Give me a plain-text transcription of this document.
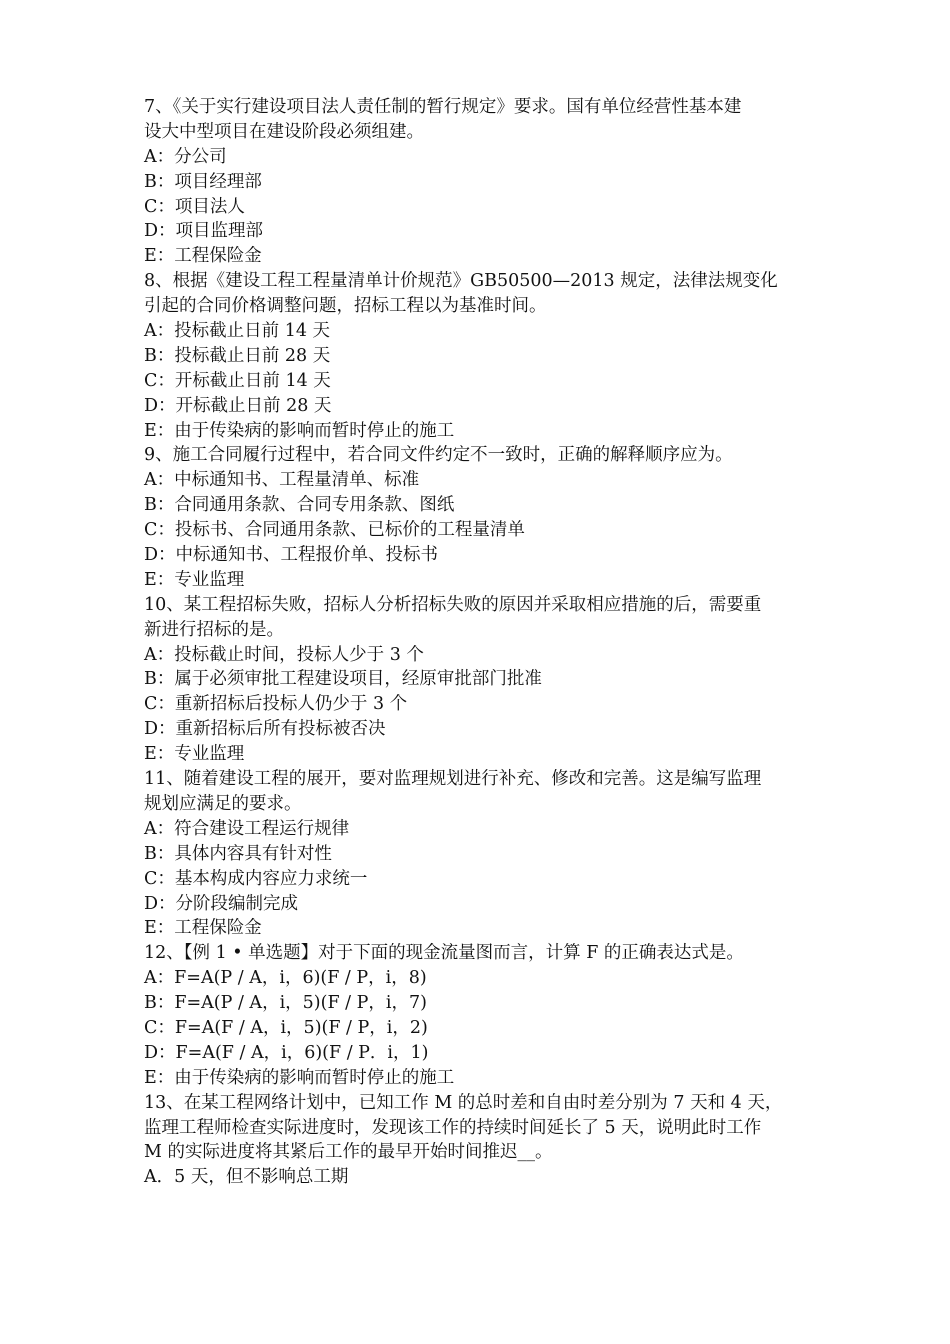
7、《关于实行建设项目法人责任制的暂行规定》要求。国有单位经营性基本建
设大中型项目在建设阶段必须组建。
A：分公司
B：项目经理部
C：项目法人
D：项目监理部
E：工程保险金
8、根据《建设工程工程量清单计价规范》GB50500—2013 规定，法律法规变化
引起的合同价格调整问题，招标工程以为基准时间。
A：投标截止日前 14 天
B：投标截止日前 28 天
C：开标截止日前 14 天
D：开标截止日前 28 天
E：由于传染病的影响而暂时停止的施工
9、施工合同履行过程中，若合同文件约定不一致时，正确的解释顺序应为。
A：中标通知书、工程量清单、标准
B：合同通用条款、合同专用条款、图纸
C：投标书、合同通用条款、已标价的工程量清单
D：中标通知书、工程报价单、投标书
E：专业监理
10、某工程招标失败，招标人分析招标失败的原因并采取相应措施的后，需要重
新进行招标的是。
A：投标截止时间，投标人少于 3 个
B：属于必须审批工程建设项目，经原审批部门批准
C：重新招标后投标人仍少于 3 个
D：重新招标后所有投标被否决
E：专业监理
11、随着建设工程的展开，要对监理规划进行补充、修改和完善。这是编写监理
规划应满足的要求。
A：符合建设工程运行规律
B：具体内容具有针对性
C：基本构成内容应力求统一
D：分阶段编制完成
E：工程保险金
12、【例 1 • 单选题】对于下面的现金流量图而言，计算 F 的正确表达式是。
A：F=A(P / A，i，6)(F / P，i，8)
B：F=A(P / A，i，5)(F / P，i，7)
C：F=A(F / A，i，5)(F / P，i，2)
D：F=A(F / A，i，6)(F / P．i，1)
E：由于传染病的影响而暂时停止的施工
13、在某工程网络计划中，已知工作 M 的总时差和自由时差分别为 7 天和 4 天，
监理工程师检查实际进度时，发现该工作的持续时间延长了 5 天，说明此时工作
M 的实际进度将其紧后工作的最早开始时间推迟__。
A．5 天，但不影响总工期
